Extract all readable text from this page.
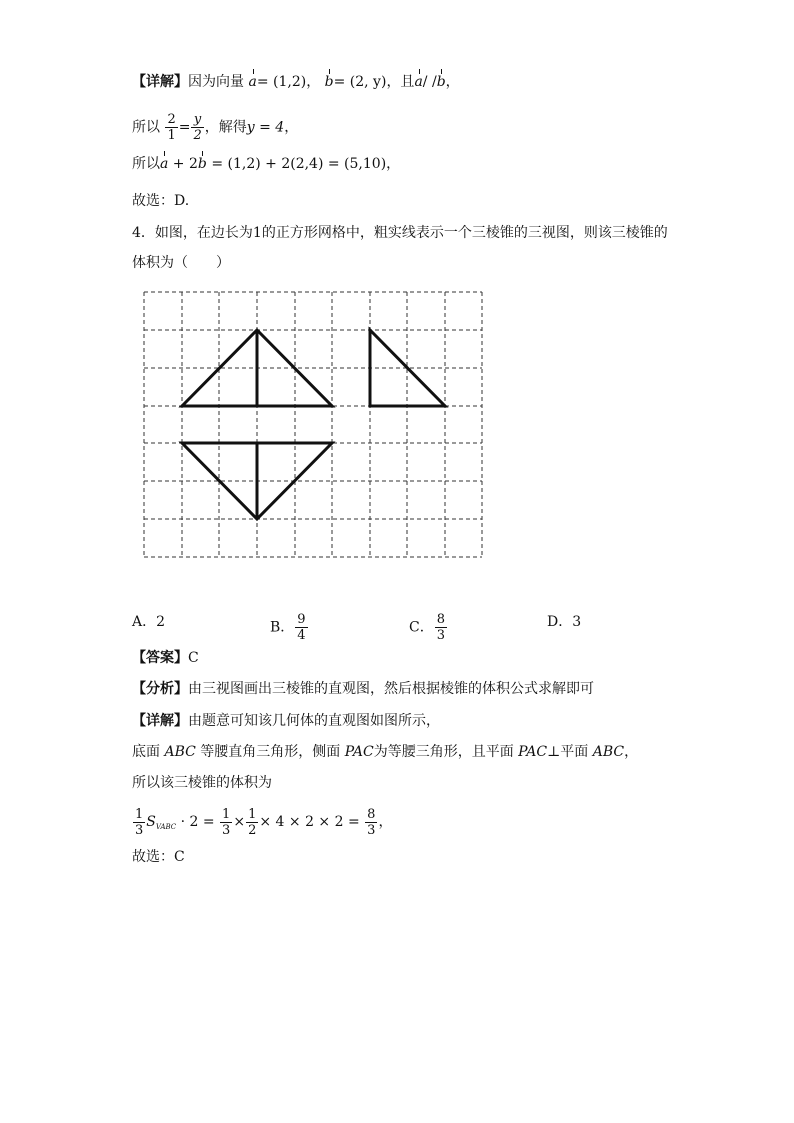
【详解】因为向量 a= (1,2)， b= (2, y)，且a/ /b，
所以 $\frac{2}{1} = \frac{y}{2}$ ，解得y = 4，
所以a + 2b = (1,2) + 2(2,4) = (5,10)，
故选：D.
4．如图，在边长为1的正方形网格中，粗实线表示一个三棱锥的三视图，则该三棱锥的
体积为（　　）
A．2	B． $\frac{9}{4}$	C． $\frac{8}{3}$	D．3
【答案】C
【分析】由三视图画出三棱锥的直观图，然后根据棱锥的体积公式求解即可
【详解】由题意可知该几何体的直观图如图所示，
底面 ABC 等腰直角三角形，侧面 PAC为等腰三角形，且平面 PAC⊥平面 ABC，
所以该三棱锥的体积为
$\frac{1}{3} S_{VABC} \cdot 2 = \frac{1}{3} \times \frac{1}{2} \times 4 \times 2 \times 2 = \frac{8}{3}$ ，
故选：C
